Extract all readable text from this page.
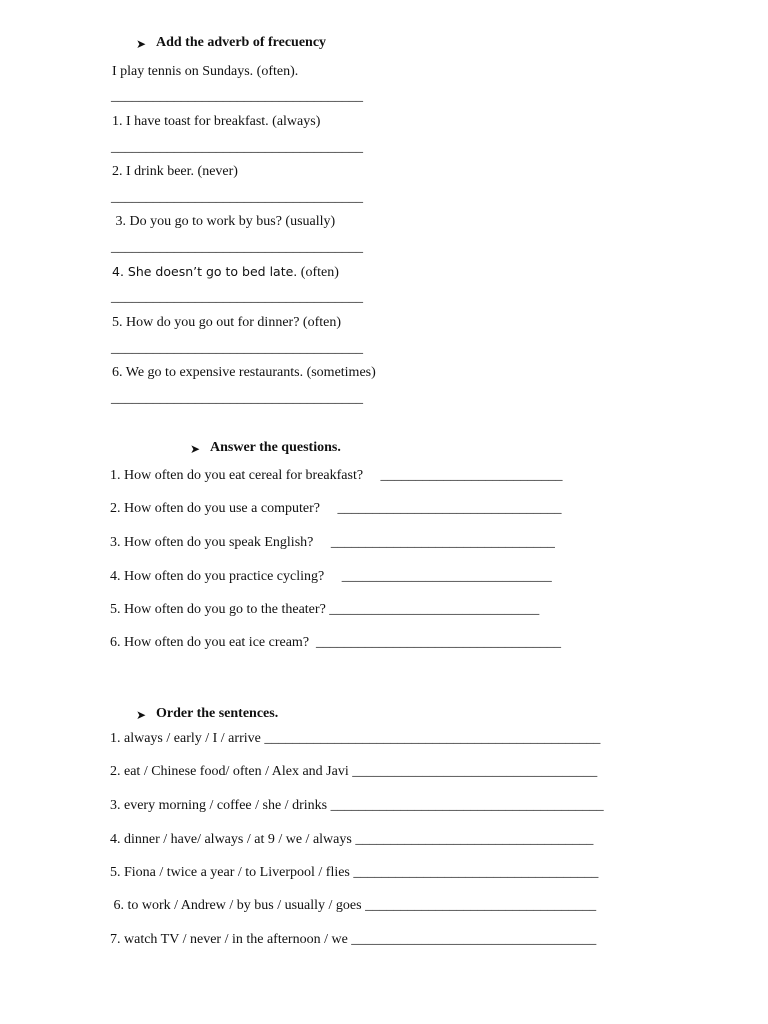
➤ Add the adverb of frecuency
I play tennis on Sundays. (often).
____________________________________
1. I have toast for breakfast. (always)
____________________________________
2. I drink beer. (never)
____________________________________
3. Do you go to work by bus? (usually)
____________________________________
4. She doesn’t go to bed late. (often)
____________________________________
5. How do you go out for dinner? (often)
____________________________________
6. We go to expensive restaurants. (sometimes)
____________________________________
➤ Answer the questions.
1. How often do you eat cereal for breakfast?     __________________________
2. How often do you use a computer?     ________________________________
3. How often do you speak English?     ________________________________
4. How often do you practice cycling?     ______________________________
5. How often do you go to the theater? ______________________________
6. How often do you eat ice cream?  ___________________________________
➤ Order the sentences.
1. always / early / I / arrive ________________________________________________
2. eat / Chinese food/ often / Alex and Javi ___________________________________
3. every morning / coffee / she / drinks _______________________________________
4. dinner / have/ always / at 9 / we / always __________________________________
5. Fiona / twice a year / to Liverpool / flies ___________________________________
6. to work / Andrew / by bus / usually / goes _________________________________
7. watch TV / never / in the afternoon / we ___________________________________
